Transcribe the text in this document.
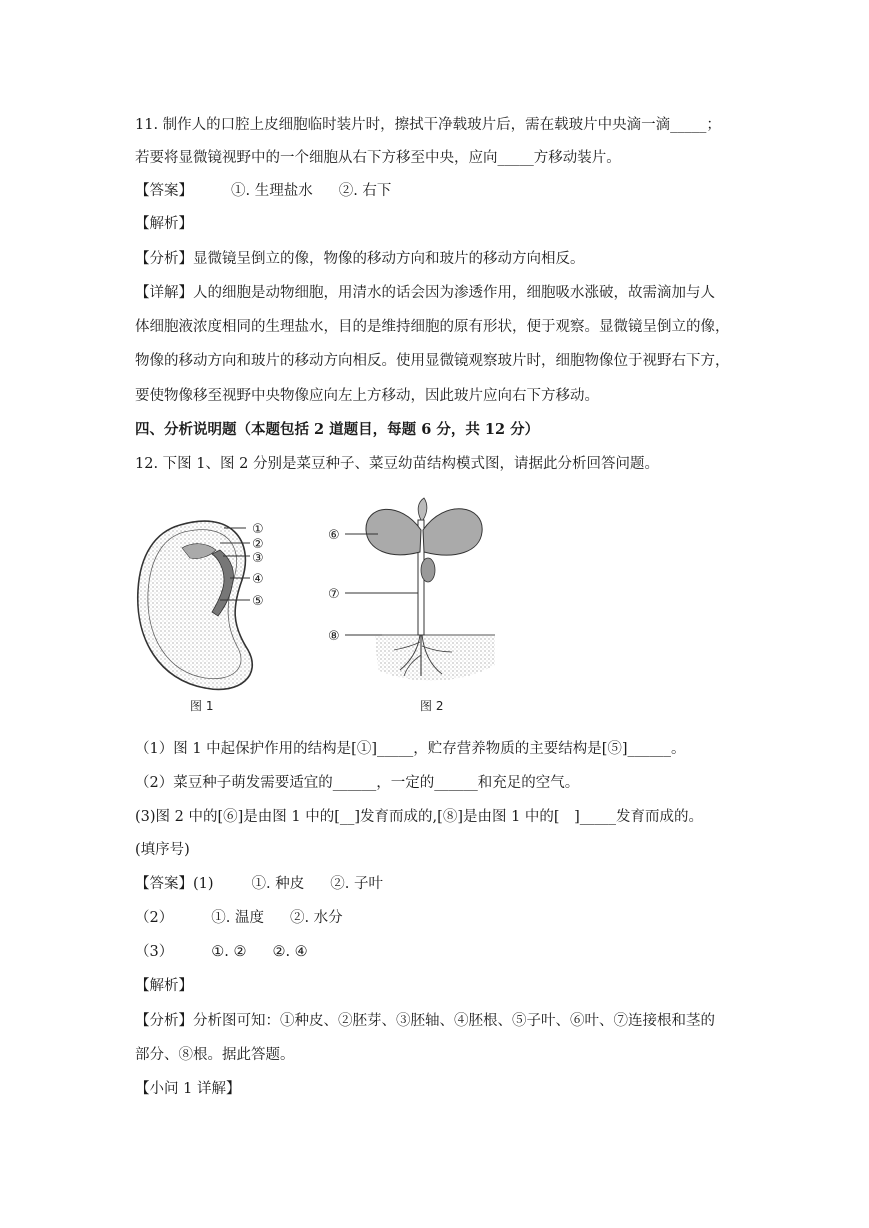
11. 制作人的口腔上皮细胞临时装片时，擦拭干净载玻片后，需在载玻片中央滴一滴_____；
若要将显微镜视野中的一个细胞从右下方移至中央，应向_____方移动装片。
【答案】	①. 生理盐水 ②. 右下
【解析】
【分析】显微镜呈倒立的像，物像的移动方向和玻片的移动方向相反。
【详解】人的细胞是动物细胞，用清水的话会因为渗透作用，细胞吸水涨破，故需滴加与人
体细胞液浓度相同的生理盐水，目的是维持细胞的原有形状，便于观察。显微镜呈倒立的像，
物像的移动方向和玻片的移动方向相反。使用显微镜观察玻片时，细胞物像位于视野右下方，
要使物像移至视野中央物像应向左上方移动，因此玻片应向右下方移动。
四、分析说明题（本题包括 2 道题目，每题 6 分，共 12 分）
12. 下图 1、图 2 分别是菜豆种子、菜豆幼苗结构模式图，请据此分析回答问题。
①
②
③
④
⑤
图 1
⑥
⑦
⑧
图 2
（1）图 1 中起保护作用的结构是[①]_____，贮存营养物质的主要结构是[⑤]______。
（2）菜豆种子萌发需要适宜的______，一定的______和充足的空气。
(3)图 2 中的[⑥]是由图 1 中的[__]发育而成的,[⑧]是由图 1 中的[　]_____发育而成的。
(填序号)
【答案】(1)	①. 种皮 ②. 子叶
（2）	①. 温度 ②. 水分
（3）	①. ② ②. ④
【解析】
【分析】分析图可知：①种皮、②胚芽、③胚轴、④胚根、⑤子叶、⑥叶、⑦连接根和茎的
部分、⑧根。据此答题。
【小问 1 详解】
